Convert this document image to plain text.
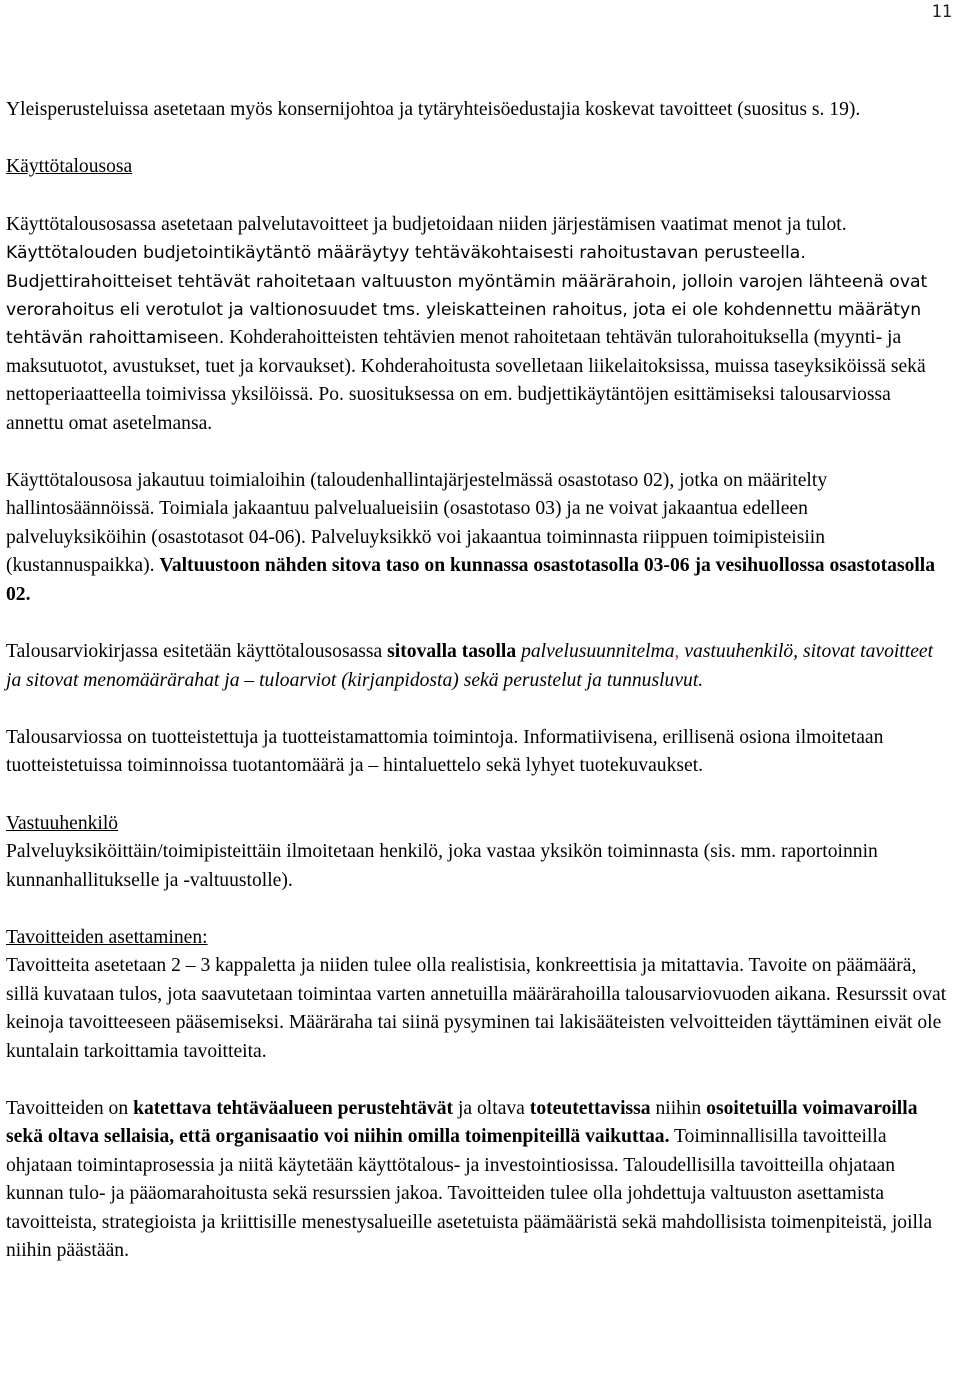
11

Yleisperusteluissa asetetaan myös konsernijohtoa ja tytäryhteisöedustajia koskevat tavoitteet (suositus s. 19).

Käyttötalousosa

Käyttötalousosassa asetetaan palvelutavoitteet ja budjetoidaan niiden järjestämisen vaatimat menot ja tulot. Käyttötalouden budjetointikäytäntö määräytyy tehtäväkohtaisesti rahoitustavan perusteella. Budjettirahoitteiset tehtävät rahoitetaan valtuuston myöntämin määrärahoin, jolloin varojen lähteenä ovat verorahoitus eli verotulot ja valtionosuudet tms. yleiskatteinen rahoitus, jota ei ole kohdennettu määrätyn tehtävän rahoittamiseen. Kohderahoitteisten tehtävien menot rahoitetaan tehtävän tulorahoituksella (myynti- ja maksutuotot, avustukset, tuet ja korvaukset). Kohderahoitusta sovelletaan liikelaitoksissa, muissa taseyksiköissä sekä nettoperiaatteella toimivissa yksilöissä. Po. suosituksessa on em. budjettikäytäntöjen esittämiseksi talousarviossa annettu omat asetelmansa.

Käyttötalousosa jakautuu toimialoihin (taloudenhallintajärjestelmässä osastotaso 02), jotka on määritelty hallintosäännöissä. Toimiala jakaantuu palvelualueisiin (osastotaso 03) ja ne voivat jakaantua edelleen palveluyksiköihin (osastotasot 04-06). Palveluyksikkö voi jakaantua toiminnasta riippuen toimipisteisiin (kustannuspaikka). Valtuustoon nähden sitova taso on kunnassa osastotasolla 03-06 ja vesihuollossa osastotasolla 02.

Talousarviokirjassa esitetään käyttötalousosassa sitovalla tasolla palvelusuunnitelma, vastuuhenkilö, sitovat tavoitteet ja sitovat menomäärärahat ja – tuloarviot (kirjanpidosta) sekä perustelut ja tunnusluvut.

Talousarviossa on tuotteistettuja ja tuotteistamattomia toimintoja. Informatiivisena, erillisenä osiona ilmoitetaan tuotteistetuissa toiminnoissa tuotantomäärä ja – hintaluettelo sekä lyhyet tuotekuvaukset.

Vastuuhenkilö

Palveluyksiköittäin/toimipisteittäin ilmoitetaan henkilö, joka vastaa yksikön toiminnasta (sis. mm. raportoinnin kunnanhallitukselle ja -valtuustolle).

Tavoitteiden asettaminen:

Tavoitteita asetetaan 2 – 3 kappaletta ja niiden tulee olla realistisia, konkreettisia ja mitattavia. Tavoite on päämäärä, sillä kuvataan tulos, jota saavutetaan toimintaa varten annetuilla määrärahoilla talousarviovuoden aikana. Resurssit ovat keinoja tavoitteeseen pääsemiseksi. Määräraha tai siinä pysyminen tai lakisääteisten velvoitteiden täyttäminen eivät ole kuntalain tarkoittamia tavoitteita.

Tavoitteiden on katettava tehtäväalueen perustehtävät ja oltava toteutettavissa niihin osoitetuilla voimavaroilla sekä oltava sellaisia, että organisaatio voi niihin omilla toimenpiteillä vaikuttaa. Toiminnallisilla tavoitteilla ohjataan toimintaprosessia ja niitä käytetään käyttötalous- ja investointiosissa. Taloudellisilla tavoitteilla ohjataan kunnan tulo- ja pääomarahoitusta sekä resurssien jakoa. Tavoitteiden tulee olla johdettuja valtuuston asettamista tavoitteista, strategioista ja kriittisille menestysalueille asetetuista päämääristä sekä mahdollisista toimenpiteistä, joilla niihin päästään.
